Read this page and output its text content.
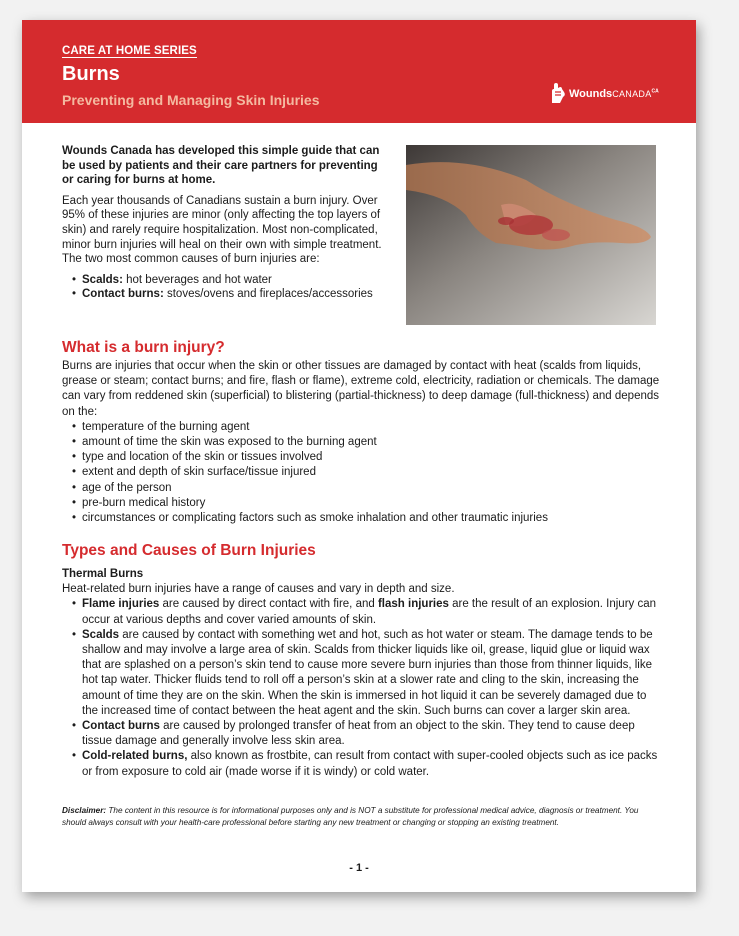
CARE AT HOME SERIES
Burns
Preventing and Managing Skin Injuries	WoundsCANADA$^{CA}$

Wounds Canada has developed this simple guide that can be used by patients and their care partners for preventing or caring for burns at home.

Each year thousands of Canadians sustain a burn injury. Over 95% of these injuries are minor (only affecting the top layers of skin) and rarely require hospitalization. Most non-complicated, minor burn injuries will heal on their own with simple treatment. The two most common causes of burn injuries are:

• Scalds: hot beverages and hot water
• Contact burns: stoves/ovens and fireplaces/accessories
What is a burn injury?

Burns are injuries that occur when the skin or other tissues are damaged by contact with heat (scalds from liquids, grease or steam; contact burns; and fire, flash or flame), extreme cold, electricity, radiation or chemicals. The damage can vary from reddened skin (superficial) to blistering (partial-thickness) to deep damage (full-thickness) and depends on the:

• temperature of the burning agent
• amount of time the skin was exposed to the burning agent
• type and location of the skin or tissues involved
• extent and depth of skin surface/tissue injured
• age of the person
• pre-burn medical history
• circumstances or complicating factors such as smoke inhalation and other traumatic injuries
Types and Causes of Burn Injuries

Thermal Burns

Heat-related burn injuries have a range of causes and vary in depth and size.

• Flame injuries are caused by direct contact with fire, and flash injuries are the result of an explosion. Injury can occur at various depths and cover varied amounts of skin.
• Scalds are caused by contact with something wet and hot, such as hot water or steam. The damage tends to be shallow and may involve a large area of skin. Scalds from thicker liquids like oil, grease, liquid glue or liquid wax that are splashed on a person’s skin tend to cause more severe burn injuries than those from thinner liquids, like hot tap water. Thicker fluids tend to roll off a person’s skin at a slower rate and cling to the skin, increasing the amount of time they are on the skin. When the skin is immersed in hot liquid it can be severely damaged due to the increased time of contact between the heat agent and the skin. Such burns can cover a larger skin area.
• Contact burns are caused by prolonged transfer of heat from an object to the skin. They tend to cause deep tissue damage and generally involve less skin area.
• Cold-related burns, also known as frostbite, can result from contact with super-cooled objects such as ice packs or from exposure to cold air (made worse if it is windy) or cold water.
Disclaimer: The content in this resource is for informational purposes only and is NOT a substitute for professional medical advice, diagnosis or treatment. You should always consult with your health-care professional before starting any new treatment or changing or stopping an existing treatment.
- 1 -
